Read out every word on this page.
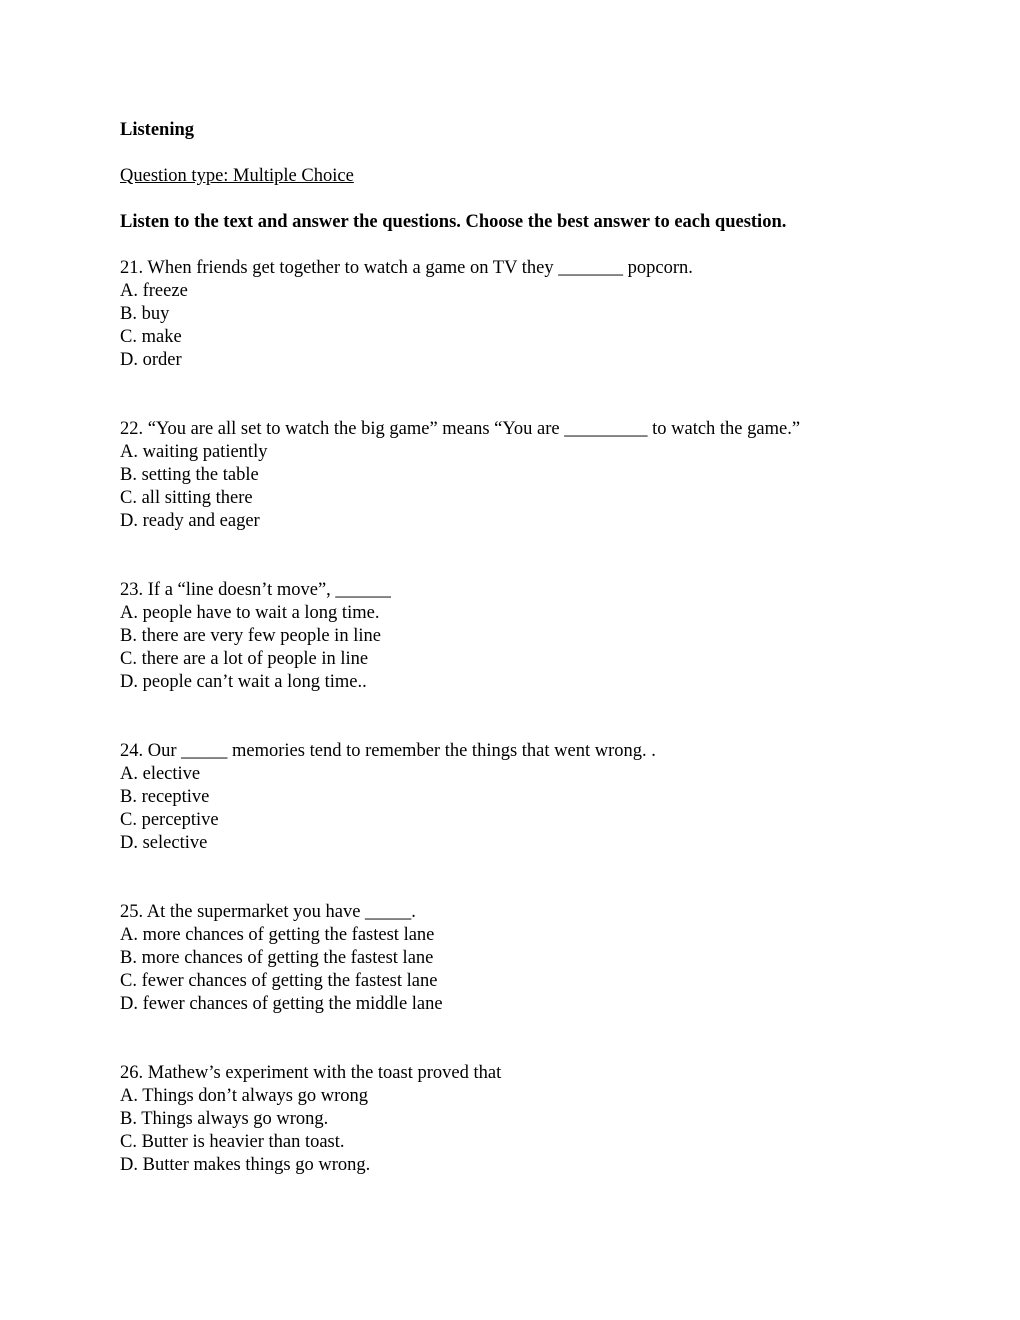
Listening
Question type: Multiple Choice
Listen to the text and answer the questions. Choose the best answer to each question.
21. When friends get together to watch a game on TV they _______ popcorn.
A. freeze
B. buy
C. make
D. order
22. “You are all set to watch the big game” means “You are _________ to watch the game.”
A. waiting patiently
B. setting the table
C. all sitting there
D. ready and eager
23. If a “line doesn’t move”, ______
A. people have to wait a long time.
B. there are very few people in line
C. there are a lot of people in line
D. people can’t wait a long time..
24. Our _____ memories tend to remember the things that went wrong. .
A. elective
B. receptive
C. perceptive
D. selective
25. At the supermarket you have _____.
A. more chances of getting the fastest lane
B. more chances of getting the fastest lane
C. fewer chances of getting the fastest lane
D. fewer chances of getting the middle lane
26. Mathew’s experiment with the toast proved that
A. Things don’t always go wrong
B. Things always go wrong.
C. Butter is heavier than toast.
D. Butter makes things go wrong.
